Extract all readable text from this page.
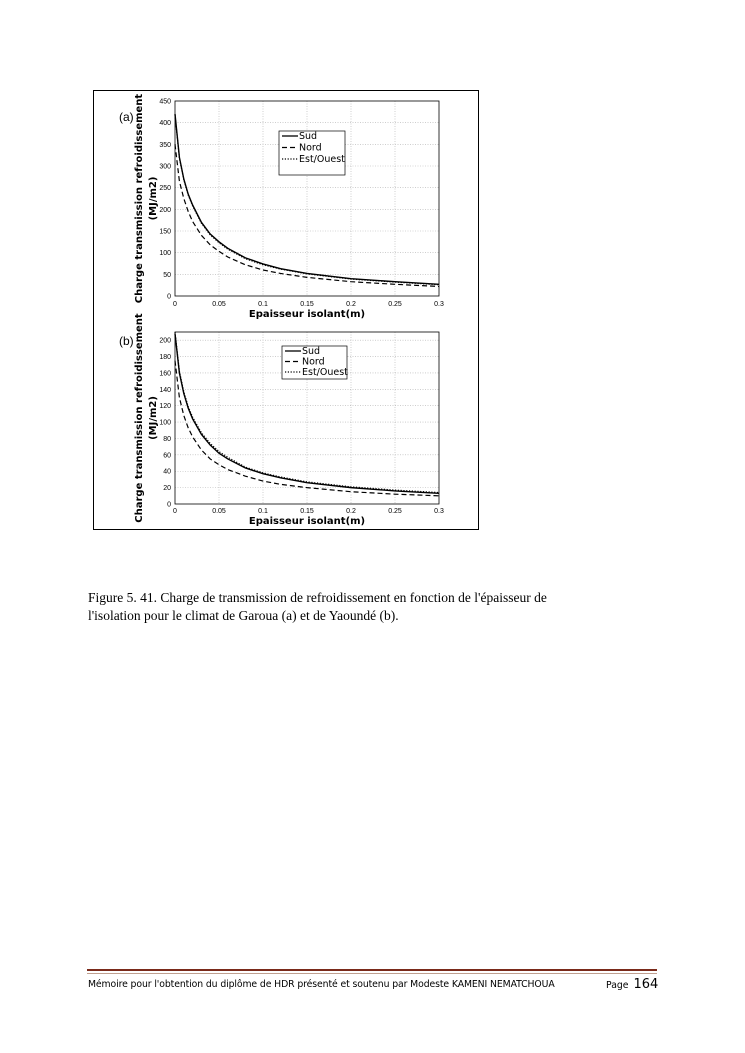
0
50
100
150
200
250
300
350
400
450
0	0.05	0.1	0.15	0.2	0.25	0.3
Sud
Nord
Est/Ouest
Epaisseur isolant(m)
Charge transmission refroidissement (MJ/m2)
(a)
0
20
40
60
80
100
120
140
160
180
200
0	0.05	0.1	0.15	0.2	0.25	0.3
Sud
Nord
Est/Ouest
Epaisseur isolant(m)
Charge transmission refroidissement (MJ/m2)
(b)
Figure 5. 41. Charge de transmission de refroidissement en fonction de l'épaisseur de
l'isolation pour le climat de Garoua (a) et de Yaoundé (b).
Mémoire pour l'obtention du diplôme de HDR présenté et soutenu par Modeste KAMENI NEMATCHOUA	Page 164
